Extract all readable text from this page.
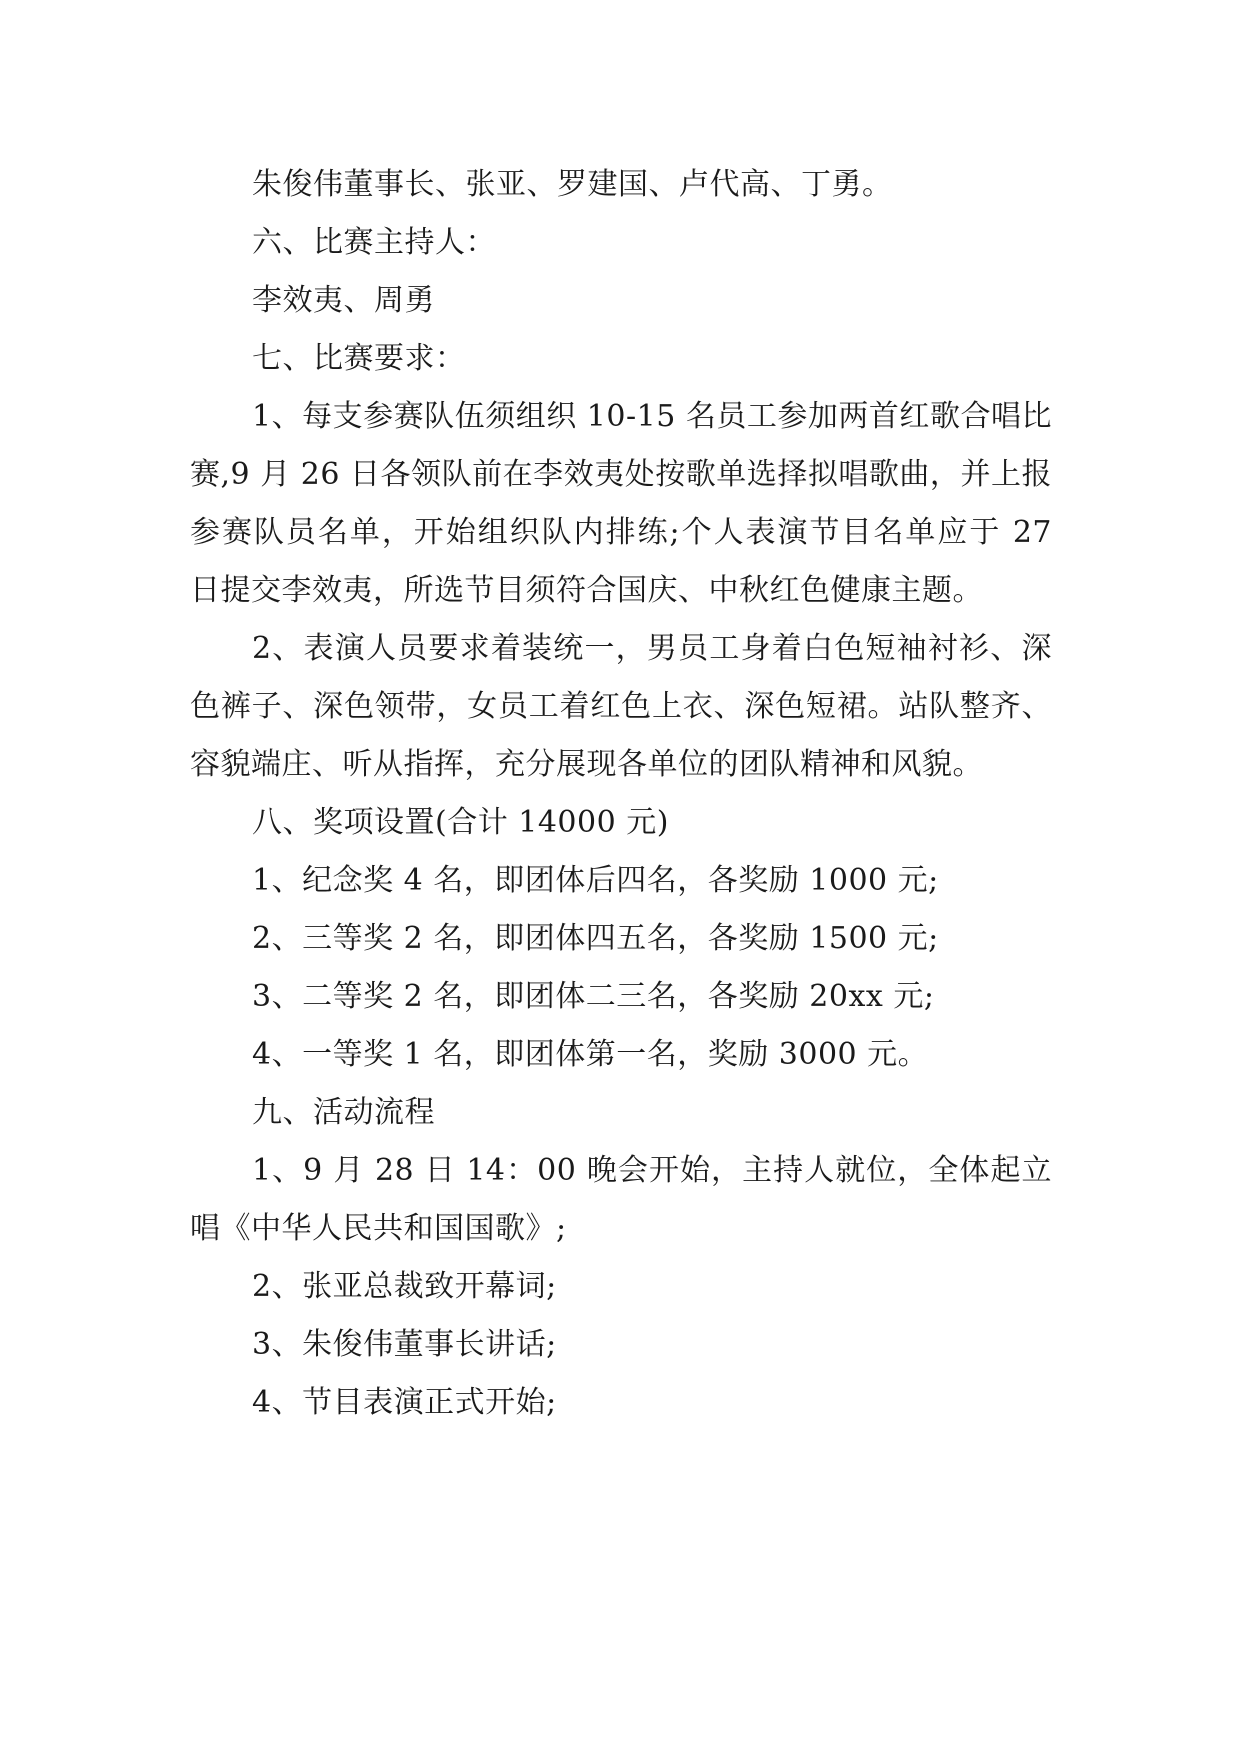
朱俊伟董事长、张亚、罗建国、卢代高、丁勇。

六、比赛主持人：

李效夷、周勇

七、比赛要求：

1、每支参赛队伍须组织 10-15 名员工参加两首红歌合唱比赛,9 月 26 日各领队前在李效夷处按歌单选择拟唱歌曲，并上报参赛队员名单，开始组织队内排练;个人表演节目名单应于 27 日提交李效夷，所选节目须符合国庆、中秋红色健康主题。

2、表演人员要求着装统一，男员工身着白色短袖衬衫、深色裤子、深色领带，女员工着红色上衣、深色短裙。站队整齐、容貌端庄、听从指挥，充分展现各单位的团队精神和风貌。

八、奖项设置(合计 14000 元)

1、纪念奖 4 名，即团体后四名，各奖励 1000 元;

2、三等奖 2 名，即团体四五名，各奖励 1500 元;

3、二等奖 2 名，即团体二三名，各奖励 20xx 元;

4、一等奖 1 名，即团体第一名，奖励 3000 元。

九、活动流程

1、9 月 28 日 14：00 晚会开始，主持人就位，全体起立唱《中华人民共和国国歌》;

2、张亚总裁致开幕词;

3、朱俊伟董事长讲话;

4、节目表演正式开始;
